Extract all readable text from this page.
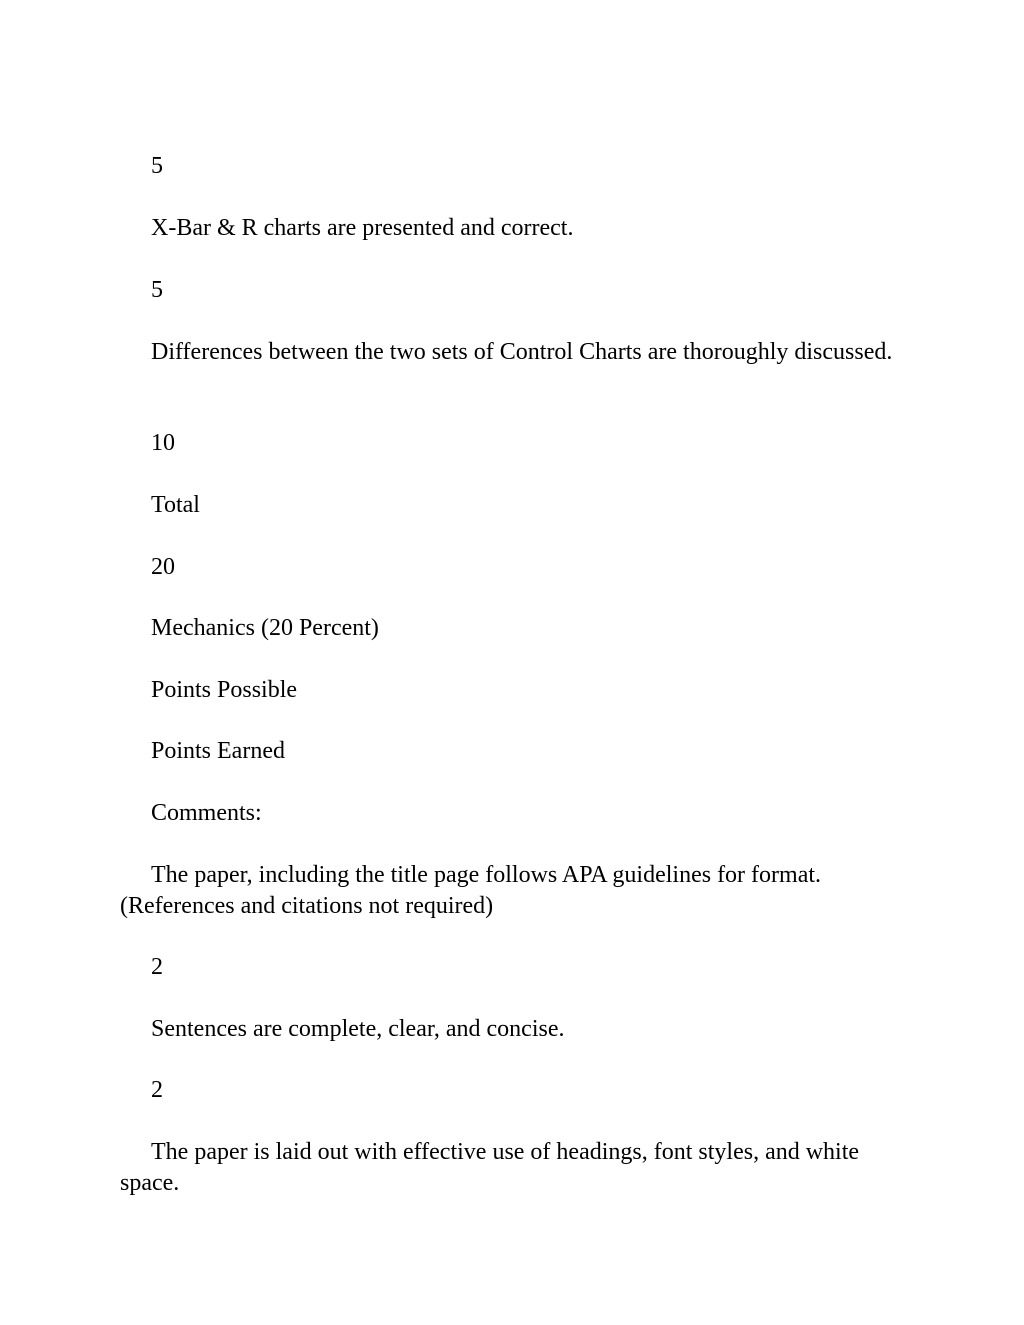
5

X-Bar & R charts are presented and correct.

5

Differences between the two sets of Control Charts are thoroughly discussed.

10

Total

20

Mechanics (20 Percent)

Points Possible

Points Earned

Comments:

The paper, including the title page follows APA guidelines for format. (References and citations not required)

2

Sentences are complete, clear, and concise.

2

The paper is laid out with effective use of headings, font styles, and white space.
